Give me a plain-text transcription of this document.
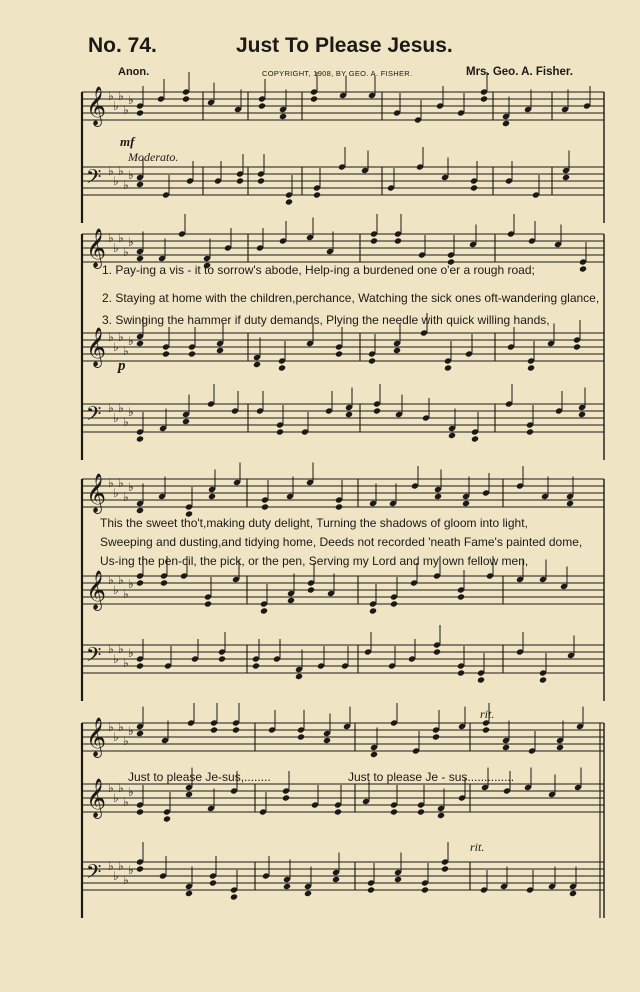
No. 74.	Just To Please Jesus.
Anon.	COPYRIGHT, 1908, BY GEO. A. FISHER.	Mrs. Geo. A. Fisher.
𝄞 ♭
♭
♭
♭
♭
𝄢 ♭
♭
♭
♭
♭
𝄞 ♭
♭
♭
♭
♭
𝄞 ♭
♭
♭
♭
♭
𝄢 ♭
♭
♭
♭
♭
𝄞 ♭
♭
♭
♭
♭
𝄞 ♭
♭
♭
♭
♭
𝄢 ♭
♭
♭
♭
♭
𝄞 ♭
♭
♭
♭
♭
𝄞 ♭
♭
♭
♭
♭
𝄢 ♭
♭
♭
♭
♭
mf
Moderato.
p
rit.
rit.
1. Pay-ing a vis - it to sorrow's abode, Help-ing a burdened one o'er a rough road;
2. Staying at home with the children,perchance, Watching the sick ones oft-wandering glance,
3. Swinging the hammer if duty demands, Plying the needle with quick willing hands,
This the sweet tho't,making duty delight, Turning the shadows of gloom into light,
Sweeping and dusting,and tidying home, Deeds not recorded 'neath Fame's painted dome,
Us-ing the pen-cil, the pick, or the pen, Serving my Lord and my own fellow men,
Just to please Je-sus,........	Just to please Je - sus..............
